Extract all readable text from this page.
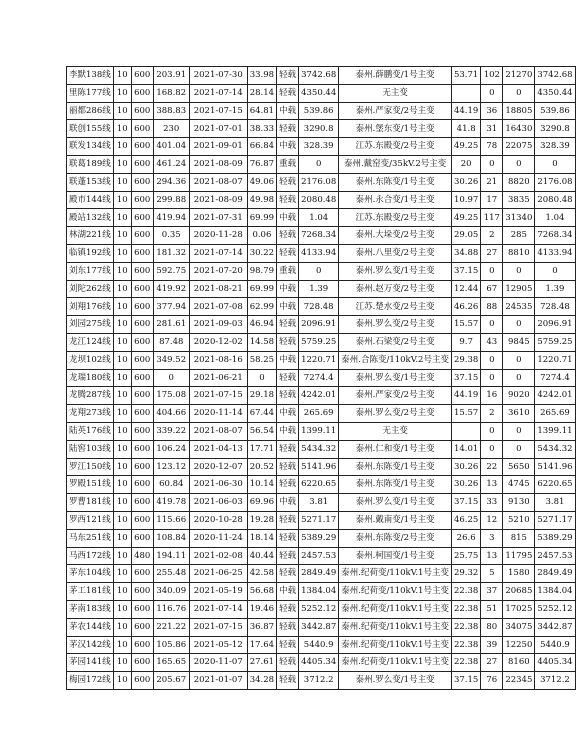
李默138线	10	600	203.91	2021-07-30	33.98	轻载	3742.68	泰州.薛鹏变/1号主变	53.71	102	21270	3742.68
里陈177线	10	600	168.82	2021-07-14	28.14	轻载	4350.44	无主变		0	0	4350.44
丽都286线	10	600	388.83	2021-07-15	64.81	中载	539.86	泰州.严家变/2号主变	44.19	36	18805	539.86
联创155线	10	600	230	2021-07-01	38.33	轻载	3290.8	泰州.堡东变/1号主变	41.8	31	16430	3290.8
联发134线	10	600	401.04	2021-09-01	66.84	中载	328.39	江苏.东殿变/2号主变	49.25	78	22075	328.39
联葛189线	10	600	461.24	2021-08-09	76.87	重载	0	泰州.戴窑变/35kV.2号主变	20	0	0	0
联蓬153线	10	600	294.36	2021-08-07	49.06	轻载	2176.08	泰州.东陈变/1号主变	30.26	21	8820	2176.08
殿市144线	10	600	299.88	2021-08-09	49.98	轻载	2080.48	泰州.永合变/1号主变	10.97	17	3835	2080.48
殿站132线	10	600	419.94	2021-07-31	69.99	中载	1.04	江苏.东殿变/2号主变	49.25	117	31340	1.04
林湖221线	10	600	0.35	2020-11-28	0.06	轻载	7268.34	泰州.大垛变/2号主变	29.05	2	285	7268.34
临镇192线	10	600	181.32	2021-07-14	30.22	轻载	4133.94	泰州.八里变/2号主变	34.88	27	8810	4133.94
刘东177线	10	600	592.75	2021-07-20	98.79	重载	0	泰州.罗么变/1号主变	37.15	0	0	0
刘陀262线	10	600	419.92	2021-08-21	69.99	中载	1.39	泰州.赵万变/2号主变	12.44	67	12905	1.39
刘翔176线	10	600	377.94	2021-07-08	62.99	中载	728.48	江苏.楚水变/2号主变	46.26	88	24535	728.48
刘园275线	10	600	281.61	2021-09-03	46.94	轻载	2096.91	泰州.罗么变/2号主变	15.57	0	0	2096.91
龙江124线	10	600	87.48	2020-12-02	14.58	轻载	5759.25	泰州.石梁变/2号主变	9.7	43	9845	5759.25
龙坝102线	10	600	349.52	2021-08-16	58.25	中载	1220.71	泰州.合陈变/110kV.2号主变	29.38	0	0	1220.71
龙瑞180线	10	600	0	2021-06-21	0	轻载	7274.4	泰州.罗么变/1号主变	37.15	0	0	7274.4
龙腾287线	10	600	175.08	2021-07-15	29.18	轻载	4242.01	泰州.严家变/2号主变	44.19	16	9020	4242.01
龙翔273线	10	600	404.66	2020-11-14	67.44	中载	265.69	泰州.罗么变/2号主变	15.57	2	3610	265.69
陆英176线	10	600	339.22	2021-08-07	56.54	中载	1399.11	无主变		0	0	1399.11
陆窖103线	10	600	106.24	2021-04-13	17.71	轻载	5434.32	泰州.仁和变/1号主变	14.01	0	0	5434.32
罗江150线	10	600	123.12	2020-12-07	20.52	轻载	5141.96	泰州.东陈变/1号主变	30.26	22	5650	5141.96
罗殿151线	10	600	60.84	2021-06-30	10.14	轻载	6220.65	泰州.东陈变/1号主变	30.26	13	4745	6220.65
罗曹181线	10	600	419.78	2021-06-03	69.96	中载	3.81	泰州.罗么变/1号主变	37.15	33	9130	3.81
罗西121线	10	600	115.66	2020-10-28	19.28	轻载	5271.17	泰州.戴南变/1号主变	46.25	12	5210	5271.17
马东251线	10	600	108.84	2020-11-24	18.14	轻载	5389.29	泰州.东陈变/2号主变	26.6	3	815	5389.29
马西172线	10	480	194.11	2021-02-08	40.44	轻载	2457.53	泰州.柯国变/1号主变	25.75	13	11795	2457.53
茅东104线	10	600	255.48	2021-06-25	42.58	轻载	2849.49	泰州.纪荷变/110kV.1号主变	29.32	5	1580	2849.49
茅工181线	10	600	340.09	2021-05-19	56.68	中载	1384.04	泰州.纪荷变/110kV.1号主变	22.38	37	20685	1384.04
茅南183线	10	600	116.76	2021-07-14	19.46	轻载	5252.12	泰州.纪荷变/110kV.1号主变	22.38	51	17025	5252.12
茅农144线	10	600	221.22	2021-07-15	36.87	轻载	3442.87	泰州.纪荷变/110kV.1号主变	22.38	80	34075	3442.87
茅汉142线	10	600	105.86	2021-05-12	17.64	轻载	5440.9	泰州.纪荷变/110kV.1号主变	22.38	39	12250	5440.9
茅园141线	10	600	165.65	2020-11-07	27.61	轻载	4405.34	泰州.纪荷变/110kV.1号主变	22.38	27	8160	4405.34
梅园172线	10	600	205.67	2021-01-07	34.28	轻载	3712.2	泰州.罗么变/1号主变	37.15	76	22345	3712.2
